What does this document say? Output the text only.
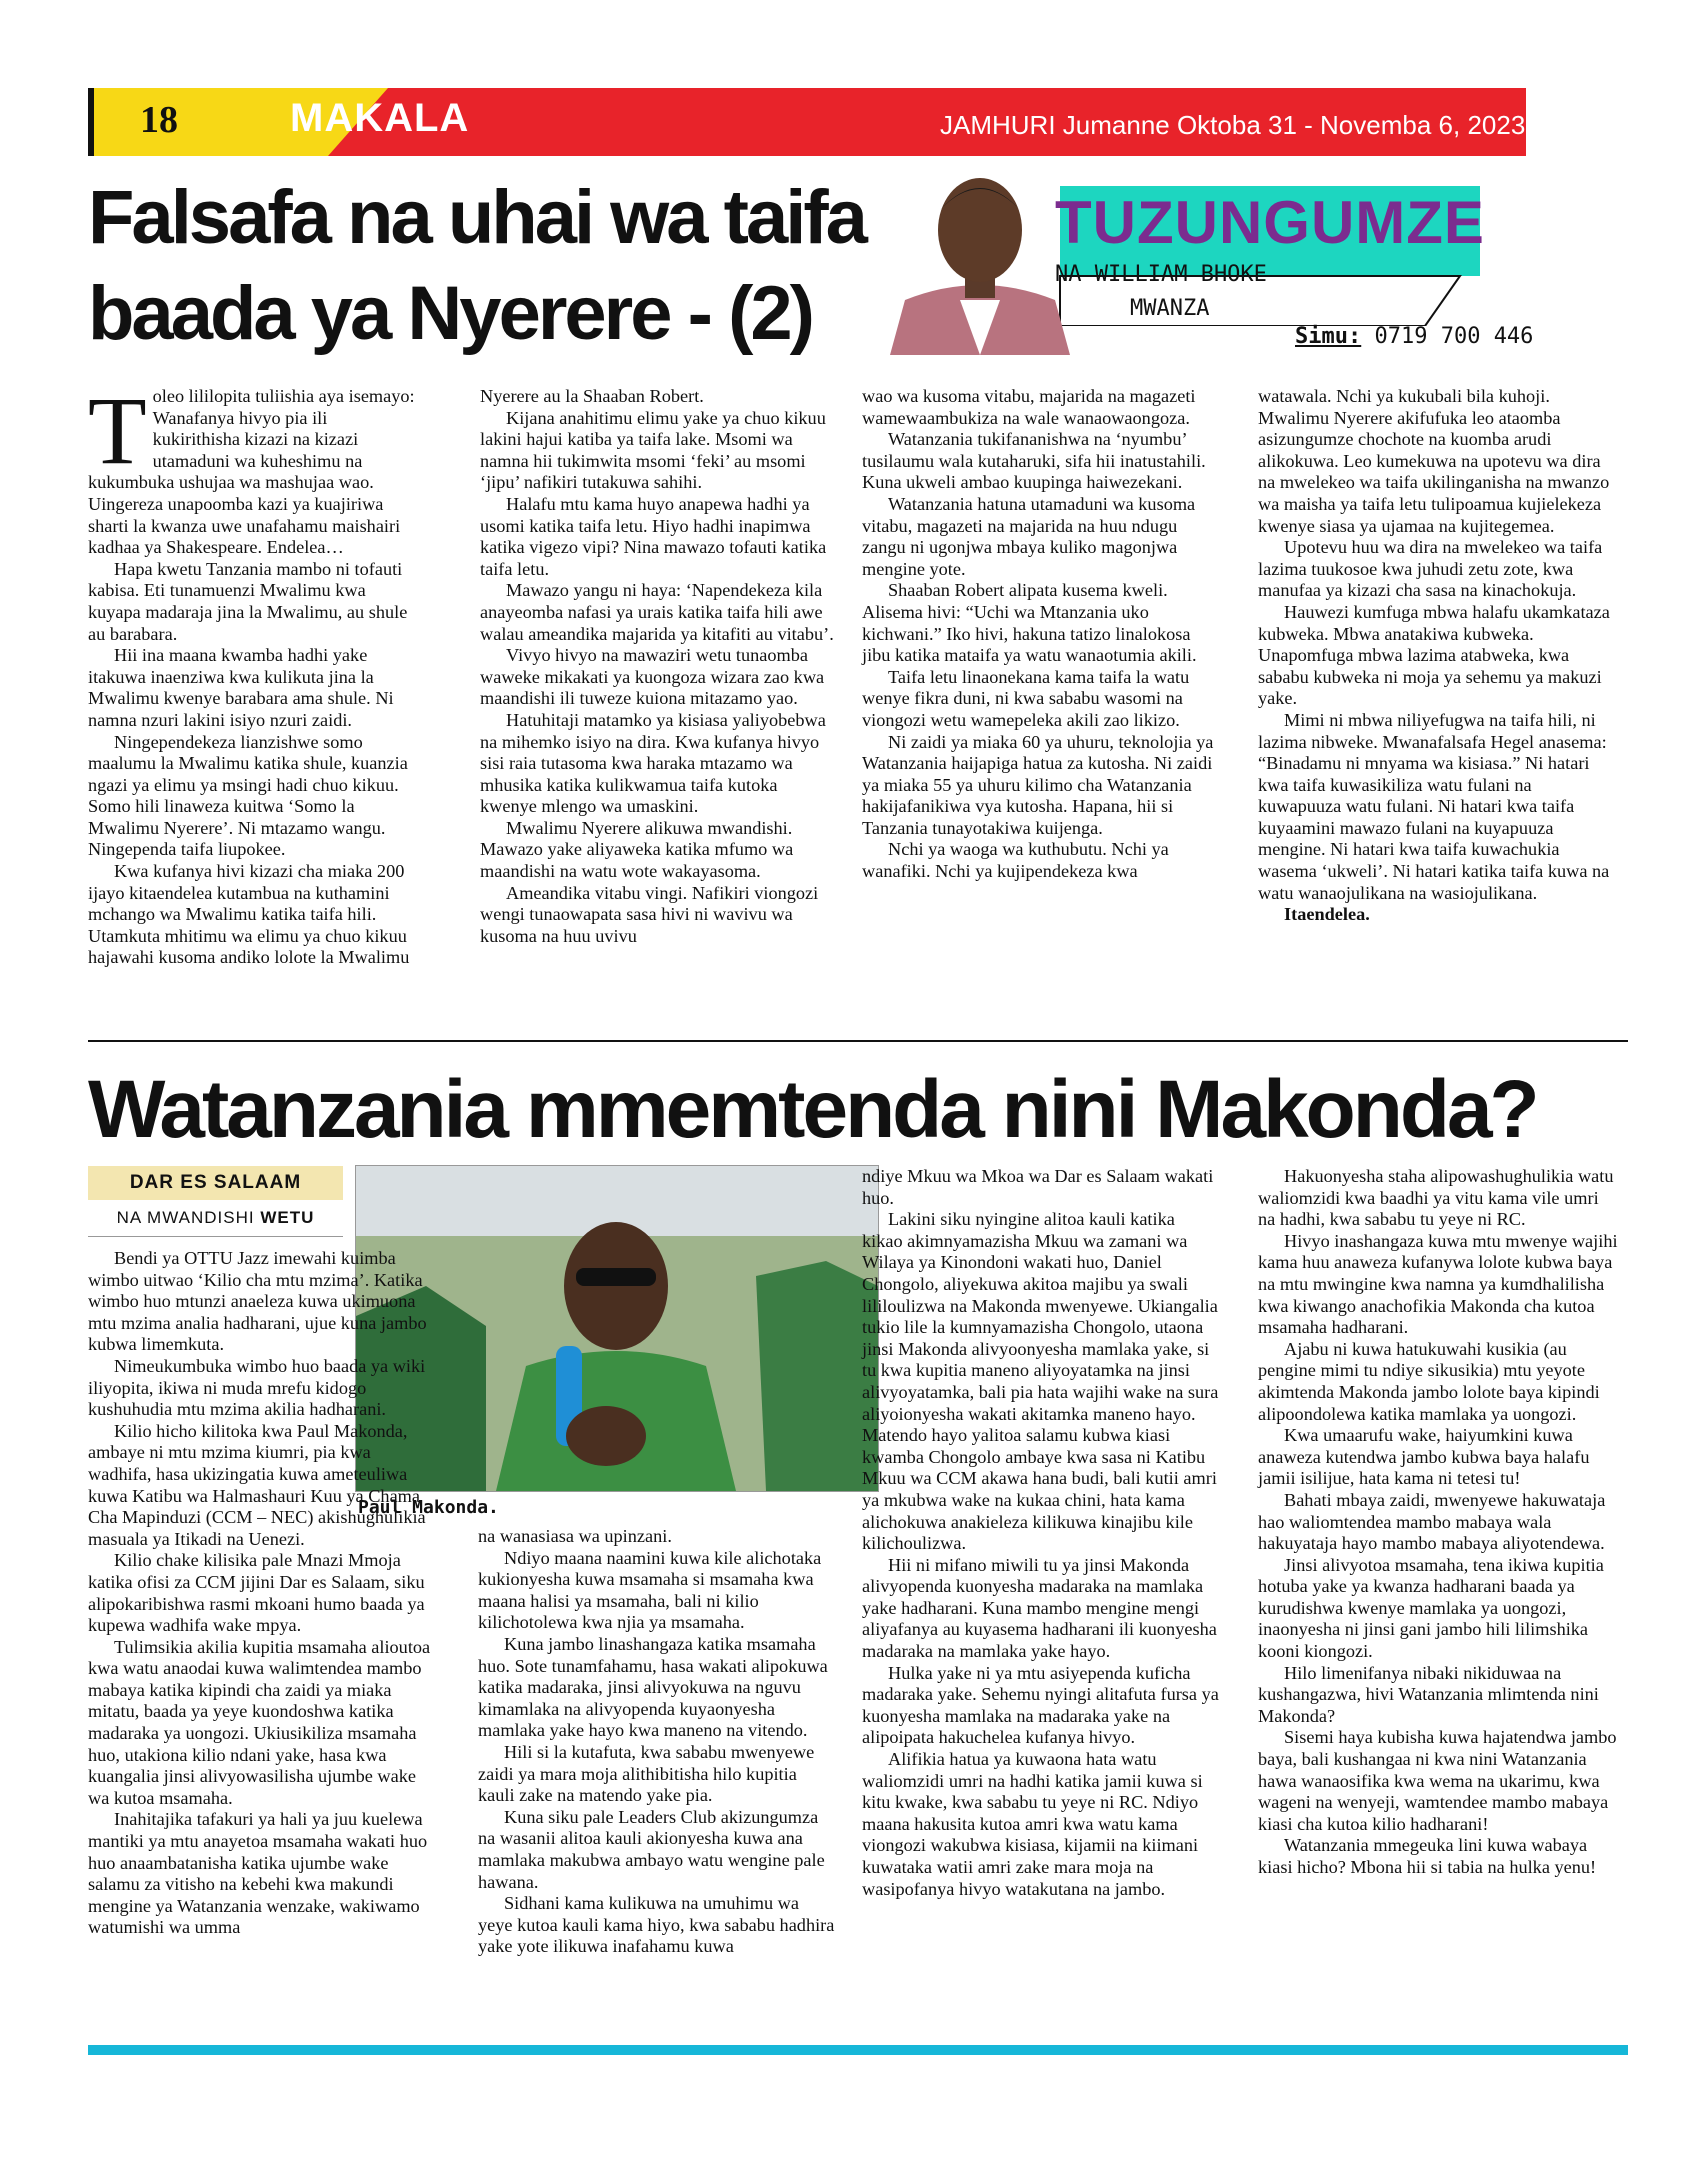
18	MAKALA	JAMHURI Jumanne Oktoba 31 - Novemba 6, 2023
Falsafa na uhai wa taifa
baada ya Nyerere - (2)
TUZUNGUMZE
NA WILLIAM BHOKE
MWANZA
Simu: 0719 700 446
T oleo lililopita tuliishia aya isemayo: Wanafanya hivyo pia ili kukirithisha kizazi na kizazi utamaduni wa kuheshimu na kukumbuka ushujaa wa mashujaa wao. Uingereza unapoomba kazi ya kuajiriwa sharti la kwanza uwe unafahamu maishairi kadhaa ya Shakespeare. Endelea…

Hapa kwetu Tanzania mambo ni tofauti kabisa. Eti tunamuenzi Mwalimu kwa kuyapa madaraja jina la Mwalimu, au shule au barabara.

Hii ina maana kwamba hadhi yake itakuwa inaenziwa kwa kulikuta jina la Mwalimu kwenye barabara ama shule. Ni namna nzuri lakini isiyo nzuri zaidi.

Ningependekeza lianzishwe somo maalumu la Mwalimu katika shule, kuanzia ngazi ya elimu ya msingi hadi chuo kikuu. Somo hili linaweza kuitwa ‘Somo la Mwalimu Nyerere’. Ni mtazamo wangu. Ningependa taifa liupokee.

Kwa kufanya hivi kizazi cha miaka 200 ijayo kitaendelea kutambua na kuthamini mchango wa Mwalimu katika taifa hili. Utamkuta mhitimu wa elimu ya chuo kikuu hajawahi kusoma andiko lolote la Mwalimu

Nyerere au la Shaaban Robert.

Kijana anahitimu elimu yake ya chuo kikuu lakini hajui katiba ya taifa lake. Msomi wa namna hii tukimwita msomi ‘feki’ au msomi ‘jipu’ nafikiri tutakuwa sahihi.

Halafu mtu kama huyo anapewa hadhi ya usomi katika taifa letu. Hiyo hadhi inapimwa katika vigezo vipi? Nina mawazo tofauti katika taifa letu.

Mawazo yangu ni haya: ‘Napendekeza kila anayeomba nafasi ya urais katika taifa hili awe walau ameandika majarida ya kitafiti au vitabu’.

Vivyo hivyo na mawaziri wetu tunaomba waweke mikakati ya kuongoza wizara zao kwa maandishi ili tuweze kuiona mitazamo yao.

Hatuhitaji matamko ya kisiasa yaliyobebwa na mihemko isiyo na dira. Kwa kufanya hivyo sisi raia tutasoma kwa haraka mtazamo wa mhusika katika kulikwamua taifa kutoka kwenye mlengo wa umaskini.

Mwalimu Nyerere alikuwa mwandishi. Mawazo yake aliyaweka katika mfumo wa maandishi na watu wote wakayasoma.

Ameandika vitabu vingi. Nafikiri viongozi wengi tunaowapata sasa hivi ni wavivu wa kusoma na huu uvivu

wao wa kusoma vitabu, majarida na magazeti wamewaambukiza na wale wanaowaongoza.

Watanzania tukifananishwa na ‘nyumbu’ tusilaumu wala kutaharuki, sifa hii inatustahili. Kuna ukweli ambao kuupinga haiwezekani.

Watanzania hatuna utamaduni wa kusoma vitabu, magazeti na majarida na huu ndugu zangu ni ugonjwa mbaya kuliko magonjwa mengine yote.

Shaaban Robert alipata kusema kweli. Alisema hivi: “Uchi wa Mtanzania uko kichwani.” Iko hivi, hakuna tatizo linalokosa jibu katika mataifa ya watu wanaotumia akili.

Taifa letu linaonekana kama taifa la watu wenye fikra duni, ni kwa sababu wasomi na viongozi wetu wamepeleka akili zao likizo.

Ni zaidi ya miaka 60 ya uhuru, teknolojia ya Watanzania haijapiga hatua za kutosha. Ni zaidi ya miaka 55 ya uhuru kilimo cha Watanzania hakijafanikiwa vya kutosha. Hapana, hii si Tanzania tunayotakiwa kuijenga.

Nchi ya waoga wa kuthubutu. Nchi ya wanafiki. Nchi ya kujipendekeza kwa

watawala. Nchi ya kukubali bila kuhoji. Mwalimu Nyerere akifufuka leo ataomba asizungumze chochote na kuomba arudi alikokuwa. Leo kumekuwa na upotevu wa dira na mwelekeo wa taifa ukilinganisha na mwanzo wa maisha ya taifa letu tulipoamua kujielekeza kwenye siasa ya ujamaa na kujitegemea.

Upotevu huu wa dira na mwelekeo wa taifa lazima tuukosoe kwa juhudi zetu zote, kwa manufaa ya kizazi cha sasa na kinachokuja.

Hauwezi kumfuga mbwa halafu ukamkataza kubweka. Mbwa anatakiwa kubweka. Unapomfuga mbwa lazima atabweka, kwa sababu kubweka ni moja ya sehemu ya makuzi yake.

Mimi ni mbwa niliyefugwa na taifa hili, ni lazima nibweke. Mwanafalsafa Hegel anasema: “Binadamu ni mnyama wa kisiasa.” Ni hatari kwa taifa kuwasikiliza watu fulani na kuwapuuza watu fulani. Ni hatari kwa taifa kuyaamini mawazo fulani na kuyapuuza mengine. Ni hatari kwa taifa kuwachukia wasema ‘ukweli’. Ni hatari katika taifa kuwa na watu wanaojulikana na wasiojulikana.

Itaendelea.

Watanzania mmemtenda nini Makonda?
DAR ES SALAAM
NA MWANDISHI WETU
Paul Makonda.

Bendi ya OTTU Jazz imewahi kuimba wimbo uitwao ‘Kilio cha mtu mzima’. Katika wimbo huo mtunzi anaeleza kuwa ukimuona mtu mzima analia hadharani, ujue kuna jambo kubwa limemkuta.

Nimeukumbuka wimbo huo baada ya wiki iliyopita, ikiwa ni muda mrefu kidogo kushuhudia mtu mzima akilia hadharani.

Kilio hicho kilitoka kwa Paul Makonda, ambaye ni mtu mzima kiumri, pia kwa wadhifa, hasa ukizingatia kuwa ameteuliwa kuwa Katibu wa Halmashauri Kuu ya Chama Cha Mapinduzi (CCM – NEC) akishughulikia masuala ya Itikadi na Uenezi.

Kilio chake kilisika pale Mnazi Mmoja katika ofisi za CCM jijini Dar es Salaam, siku alipokaribishwa rasmi mkoani humo baada ya kupewa wadhifa wake mpya.

Tulimsikia akilia kupitia msamaha alioutoa kwa watu anaodai kuwa walimtendea mambo mabaya katika kipindi cha zaidi ya miaka mitatu, baada ya yeye kuondoshwa katika madaraka ya uongozi. Ukiusikiliza msamaha huo, utakiona kilio ndani yake, hasa kwa kuangalia jinsi alivyowasilisha ujumbe wake wa kutoa msamaha.

Inahitajika tafakuri ya hali ya juu kuelewa mantiki ya mtu anayetoa msamaha wakati huo huo anaambatanisha katika ujumbe wake salamu za vitisho na kebehi kwa makundi mengine ya Watanzania wenzake, wakiwamo watumishi wa umma

na wanasiasa wa upinzani.

Ndiyo maana naamini kuwa kile alichotaka kukionyesha kuwa msamaha si msamaha kwa maana halisi ya msamaha, bali ni kilio kilichotolewa kwa njia ya msamaha.

Kuna jambo linashangaza katika msamaha huo. Sote tunamfahamu, hasa wakati alipokuwa katika madaraka, jinsi alivyokuwa na nguvu kimamlaka na alivyopenda kuyaonyesha mamlaka yake hayo kwa maneno na vitendo.

Hili si la kutafuta, kwa sababu mwenyewe zaidi ya mara moja alithibitisha hilo kupitia kauli zake na matendo yake pia.

Kuna siku pale Leaders Club akizungumza na wasanii alitoa kauli akionyesha kuwa ana mamlaka makubwa ambayo watu wengine pale hawana.

Sidhani kama kulikuwa na umuhimu wa yeye kutoa kauli kama hiyo, kwa sababu hadhira yake yote ilikuwa inafahamu kuwa

ndiye Mkuu wa Mkoa wa Dar es Salaam wakati huo.

Lakini siku nyingine alitoa kauli katika kikao akimnyamazisha Mkuu wa zamani wa Wilaya ya Kinondoni wakati huo, Daniel Chongolo, aliyekuwa akitoa majibu ya swali lililoulizwa na Makonda mwenyewe. Ukiangalia tukio lile la kumnyamazisha Chongolo, utaona jinsi Makonda alivyoonyesha mamlaka yake, si tu kwa kupitia maneno aliyoyatamka na jinsi alivyoyatamka, bali pia hata wajihi wake na sura aliyoionyesha wakati akitamka maneno hayo. Matendo hayo yalitoa salamu kubwa kiasi kwamba Chongolo ambaye kwa sasa ni Katibu Mkuu wa CCM akawa hana budi, bali kutii amri ya mkubwa wake na kukaa chini, hata kama alichokuwa anakieleza kilikuwa kinajibu kile kilichoulizwa.

Hii ni mifano miwili tu ya jinsi Makonda alivyopenda kuonyesha madaraka na mamlaka yake hadharani. Kuna mambo mengine mengi aliyafanya au kuyasema hadharani ili kuonyesha madaraka na mamlaka yake hayo.

Hulka yake ni ya mtu asiyependa kuficha madaraka yake. Sehemu nyingi alitafuta fursa ya kuonyesha mamlaka na madaraka yake na alipoipata hakuchelea kufanya hivyo.

Alifikia hatua ya kuwaona hata watu waliomzidi umri na hadhi katika jamii kuwa si kitu kwake, kwa sababu tu yeye ni RC. Ndiyo maana hakusita kutoa amri kwa watu kama viongozi wakubwa kisiasa, kijamii na kiimani kuwataka watii amri zake mara moja na wasipofanya hivyo watakutana na jambo.

Hakuonyesha staha alipowashughulikia watu waliomzidi kwa baadhi ya vitu kama vile umri na hadhi, kwa sababu tu yeye ni RC.

Hivyo inashangaza kuwa mtu mwenye wajihi kama huu anaweza kufanywa lolote kubwa baya na mtu mwingine kwa namna ya kumdhalilisha kwa kiwango anachofikia Makonda cha kutoa msamaha hadharani.

Ajabu ni kuwa hatukuwahi kusikia (au pengine mimi tu ndiye sikusikia) mtu yeyote akimtenda Makonda jambo lolote baya kipindi alipoondolewa katika mamlaka ya uongozi.

Kwa umaarufu wake, haiyumkini kuwa anaweza kutendwa jambo kubwa baya halafu jamii isilijue, hata kama ni tetesi tu!

Bahati mbaya zaidi, mwenyewe hakuwataja hao waliomtendea mambo mabaya wala hakuyataja hayo mambo mabaya aliyotendewa.

Jinsi alivyotoa msamaha, tena ikiwa kupitia hotuba yake ya kwanza hadharani baada ya kurudishwa kwenye mamlaka ya uongozi, inaonyesha ni jinsi gani jambo hili lilimshika kooni kiongozi.

Hilo limenifanya nibaki nikiduwaa na kushangazwa, hivi Watanzania mlimtenda nini Makonda?

Sisemi haya kubisha kuwa hajatendwa jambo baya, bali kushangaa ni kwa nini Watanzania hawa wanaosifika kwa wema na ukarimu, kwa wageni na wenyeji, wamtendee mambo mabaya kiasi cha kutoa kilio hadharani!

Watanzania mmegeuka lini kuwa wabaya kiasi hicho? Mbona hii si tabia na hulka yenu!
